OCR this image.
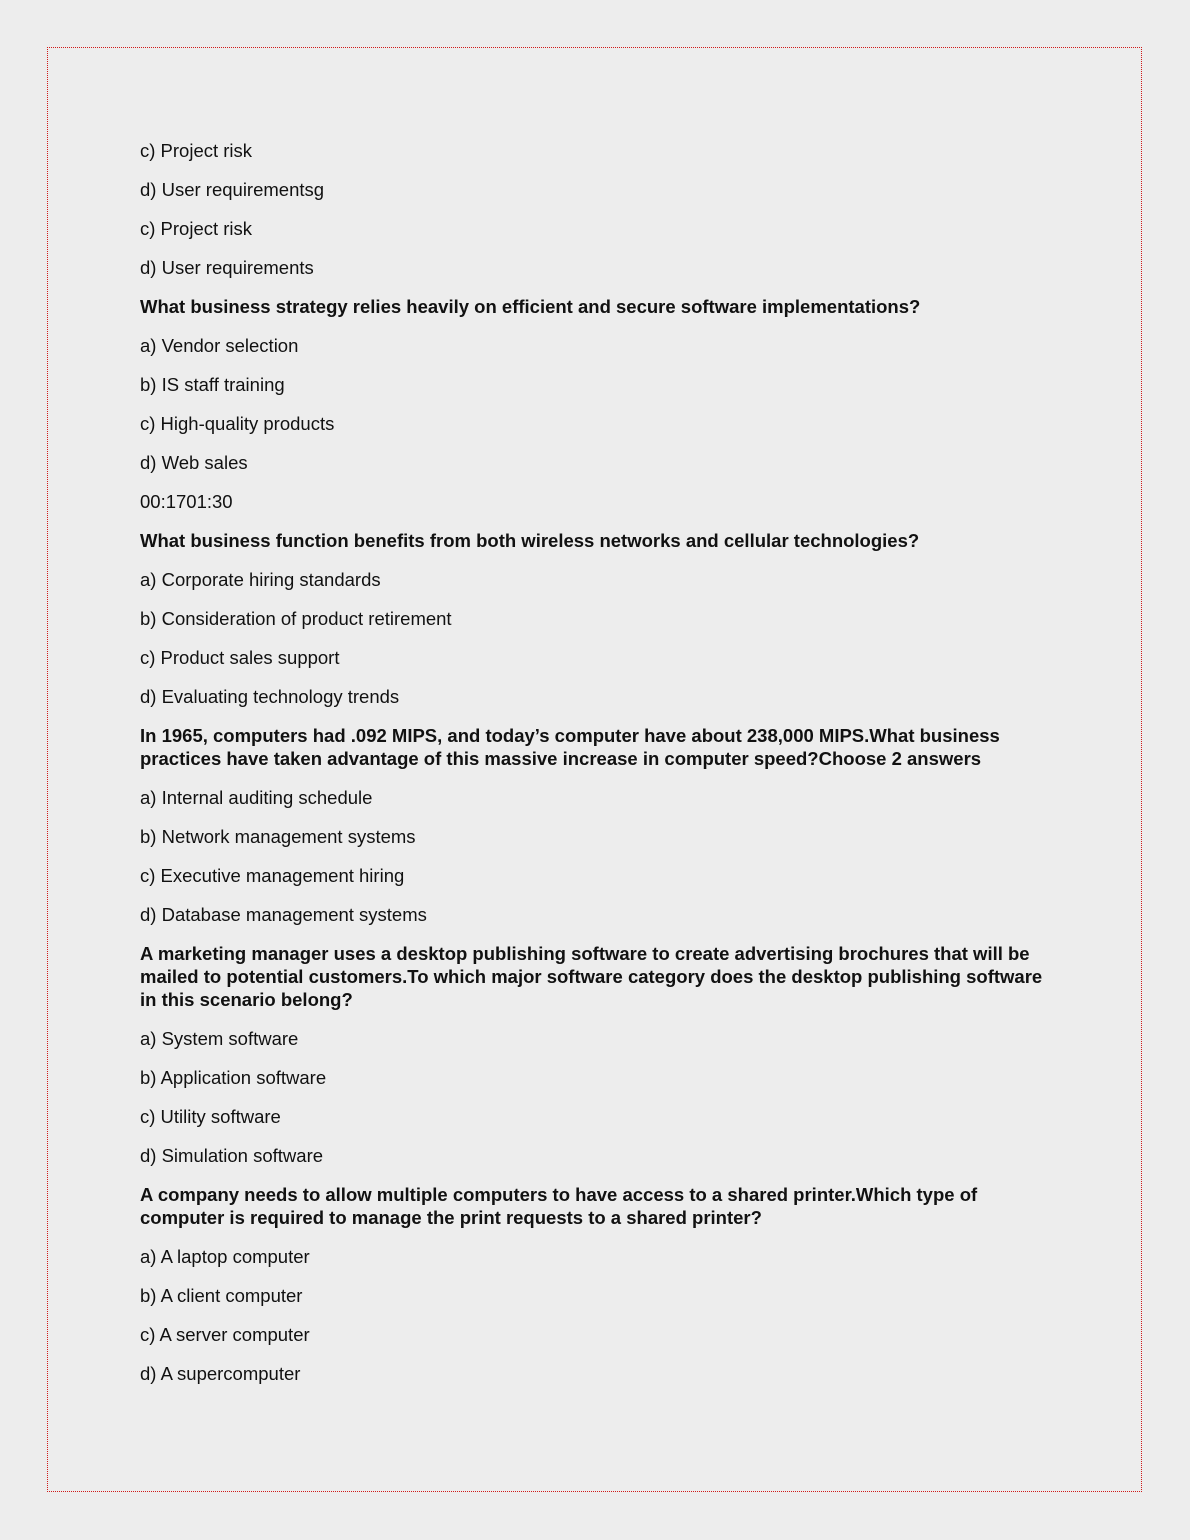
c) Project risk
d) User requirementsg
c) Project risk
d) User requirements
What business strategy relies heavily on efficient and secure software implementations?
a) Vendor selection
b) IS staff training
c) High-quality products
d) Web sales
00:1701:30
What business function benefits from both wireless networks and cellular technologies?
a) Corporate hiring standards
b) Consideration of product retirement
c) Product sales support
d) Evaluating technology trends
In 1965, computers had .092 MIPS, and today’s computer have about 238,000 MIPS.What business practices have taken advantage of this massive increase in computer speed?Choose 2 answers
a) Internal auditing schedule
b) Network management systems
c) Executive management hiring
d) Database management systems
A marketing manager uses a desktop publishing software to create advertising brochures that will be mailed to potential customers.To which major software category does the desktop publishing software in this scenario belong?
a) System software
b) Application software
c) Utility software
d) Simulation software
A company needs to allow multiple computers to have access to a shared printer.Which type of computer is required to manage the print requests to a shared printer?
a) A laptop computer
b) A client computer
c) A server computer
d) A supercomputer
